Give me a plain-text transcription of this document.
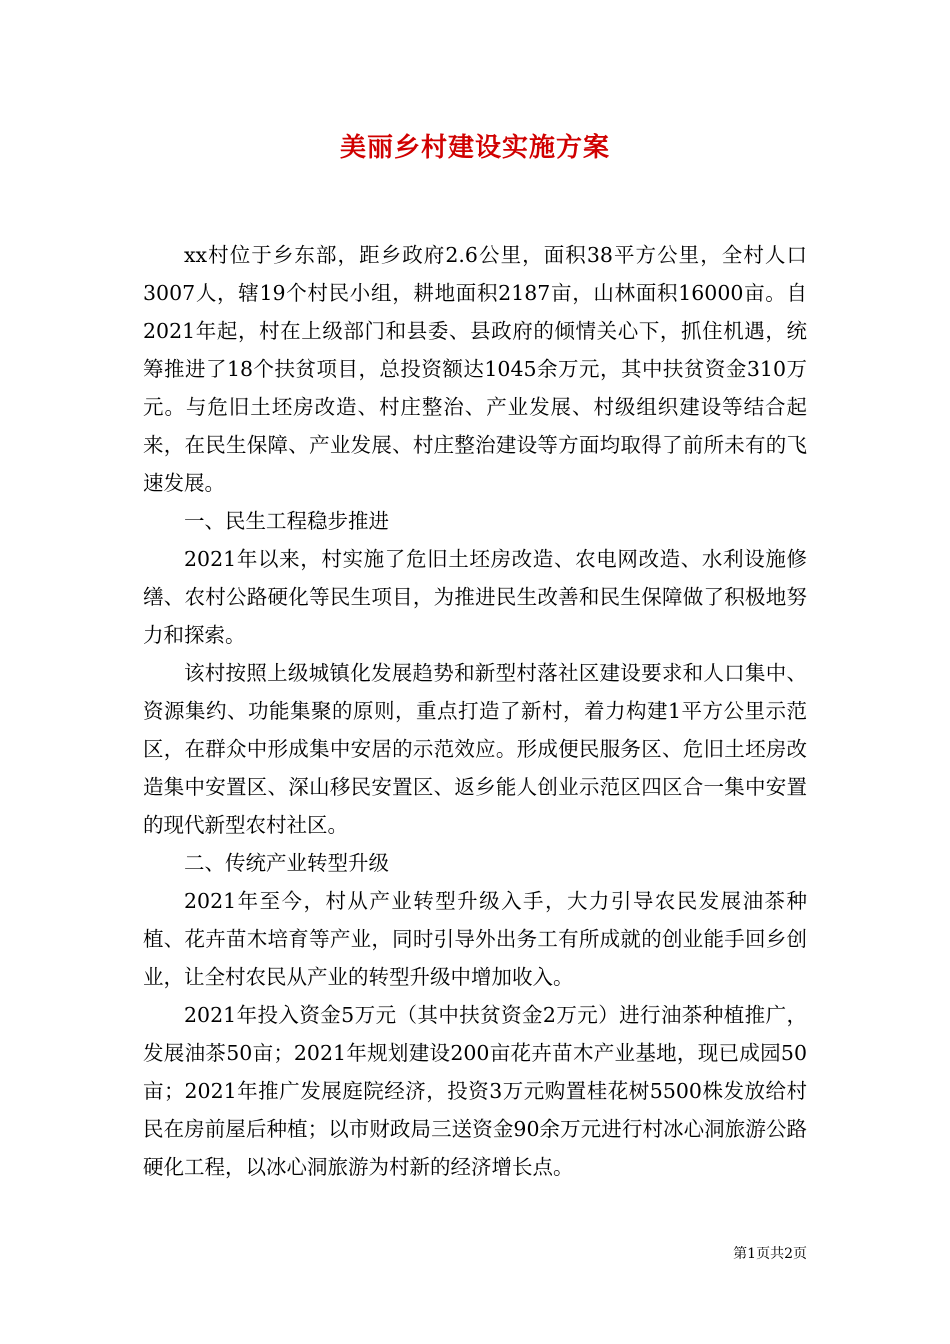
美丽乡村建设实施方案

xx村位于乡东部，距乡政府2.6公里，面积38平方公里，全村人口3007人，辖19个村民小组，耕地面积2187亩，山林面积16000亩。自2021年起，村在上级部门和县委、县政府的倾情关心下，抓住机遇，统筹推进了18个扶贫项目，总投资额达1045余万元，其中扶贫资金310万元。与危旧土坯房改造、村庄整治、产业发展、村级组织建设等结合起来，在民生保障、产业发展、村庄整治建设等方面均取得了前所未有的飞速发展。

一、民生工程稳步推进

2021年以来，村实施了危旧土坯房改造、农电网改造、水利设施修缮、农村公路硬化等民生项目，为推进民生改善和民生保障做了积极地努力和探索。

该村按照上级城镇化发展趋势和新型村落社区建设要求和人口集中、资源集约、功能集聚的原则，重点打造了新村，着力构建1平方公里示范区，在群众中形成集中安居的示范效应。形成便民服务区、危旧土坯房改造集中安置区、深山移民安置区、返乡能人创业示范区四区合一集中安置的现代新型农村社区。

二、传统产业转型升级

2021年至今，村从产业转型升级入手，大力引导农民发展油茶种植、花卉苗木培育等产业，同时引导外出务工有所成就的创业能手回乡创业，让全村农民从产业的转型升级中增加收入。

2021年投入资金5万元（其中扶贫资金2万元）进行油茶种植推广，发展油茶50亩；2021年规划建设200亩花卉苗木产业基地，现已成园50亩；2021年推广发展庭院经济，投资3万元购置桂花树5500株发放给村民在房前屋后种植；以市财政局三送资金90余万元进行村冰心洞旅游公路硬化工程，以冰心洞旅游为村新的经济增长点。

第1页共2页
